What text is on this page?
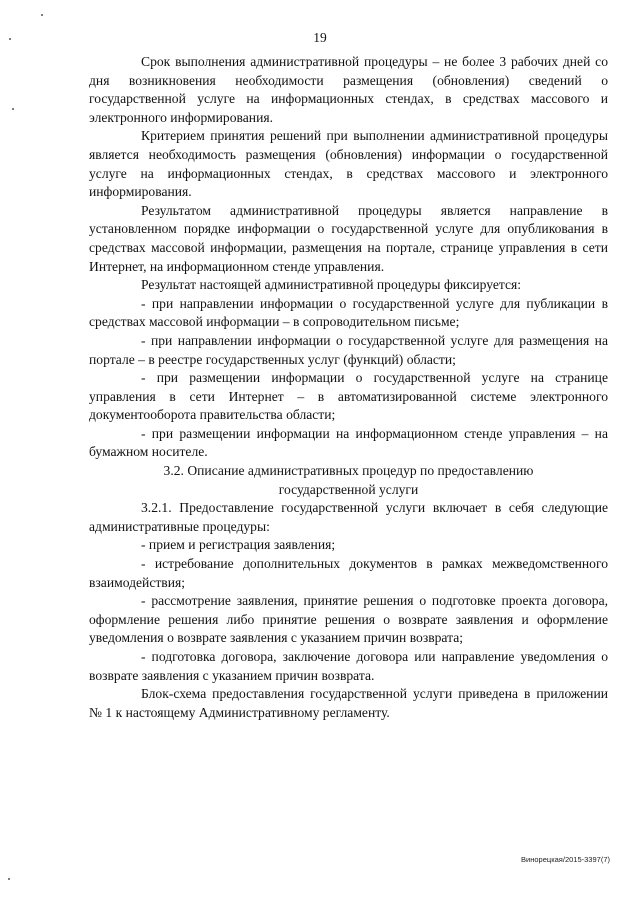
19

Срок выполнения административной процедуры – не более 3 рабочих дней со дня возникновения необходимости размещения (обновления) сведений о государственной услуге на информационных стендах, в средствах массового и электронного информирования.

Критерием принятия решений при выполнении административной процедуры является необходимость размещения (обновления) информации о государственной услуге на информационных стендах, в средствах массового и электронного информирования.

Результатом административной процедуры является направление в установленном порядке информации о государственной услуге для опубликования в средствах массовой информации, размещения на портале, странице управления в сети Интернет, на информационном стенде управления.

Результат настоящей административной процедуры фиксируется:

- при направлении информации о государственной услуге для публикации в средствах массовой информации – в сопроводительном письме;

- при направлении информации о государственной услуге для размещения на портале – в реестре государственных услуг (функций) области;

- при размещении информации о государственной услуге на странице управления в сети Интернет – в автоматизированной системе электронного документооборота правительства области;

- при размещении информации на информационном стенде управления – на бумажном носителе.

3.2. Описание административных процедур по предоставлению государственной услуги

3.2.1. Предоставление государственной услуги включает в себя следующие административные процедуры:

- прием и регистрация заявления;

- истребование дополнительных документов в рамках межведомственного взаимодействия;

- рассмотрение заявления, принятие решения о подготовке проекта договора, оформление решения либо принятие решения о возврате заявления и оформление уведомления о возврате заявления с указанием причин возврата;

- подготовка договора, заключение договора или направление уведомления о возврате заявления с указанием причин возврата.

Блок-схема предоставления государственной услуги приведена в приложении № 1 к настоящему Административному регламенту.

Винорецкая/2015-3397(7)
